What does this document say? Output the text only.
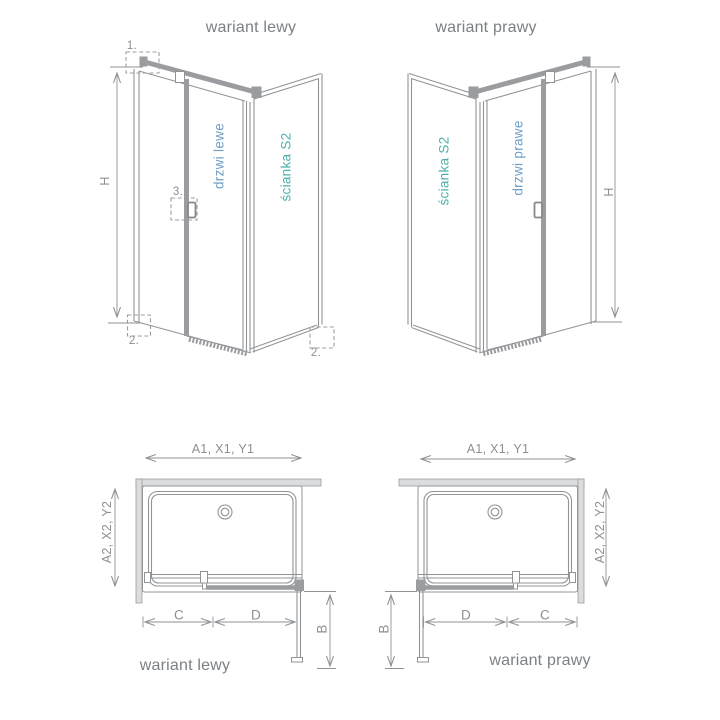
wariant lewy	wariant prawy
H
H
drzwi lewe	ścianka S2	ścianka S2	drzwi prawe
1.
3.
2.
2.
A1, X1, Y1	A1, X1, Y1
A2, X2, Y2	A2, X2, Y2
C	D	D	C
B	B
wariant lewy	wariant prawy
